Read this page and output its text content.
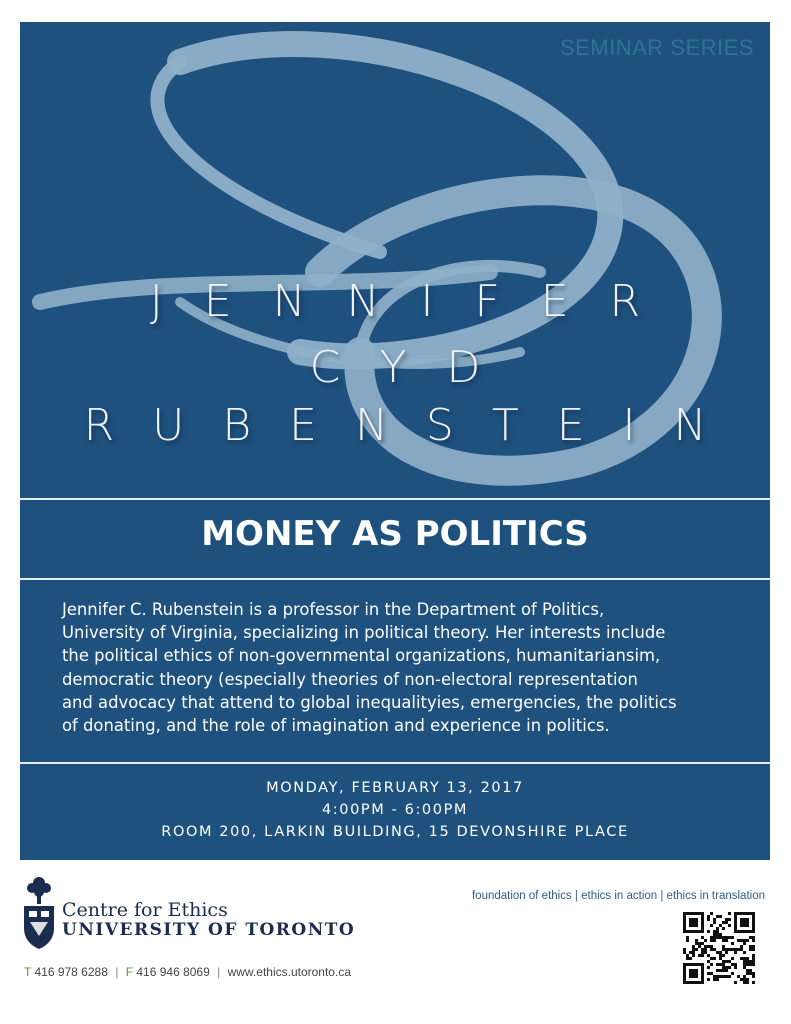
SEMINAR SERIES
JENNIFER
CYD
RUBENSTEIN
MONEY AS POLITICS
Jennifer C. Rubenstein is a professor in the Department of Politics,
University of Virginia, specializing in political theory. Her interests include
the political ethics of non-governmental organizations, humanitariansim,
democratic theory (especially theories of non-electoral representation
and advocacy that attend to global inequalityies, emergencies, the politics
of donating, and the role of imagination and experience in politics.
MONDAY, FEBRUARY 13, 2017
4:00PM - 6:00PM
ROOM 200, LARKIN BUILDING, 15 DEVONSHIRE PLACE
Centre for Ethics
UNIVERSITY OF TORONTO
foundation of ethics | ethics in action | ethics in translation
T 416 978 6288 | F 416 946 8069 | www.ethics.utoronto.ca
